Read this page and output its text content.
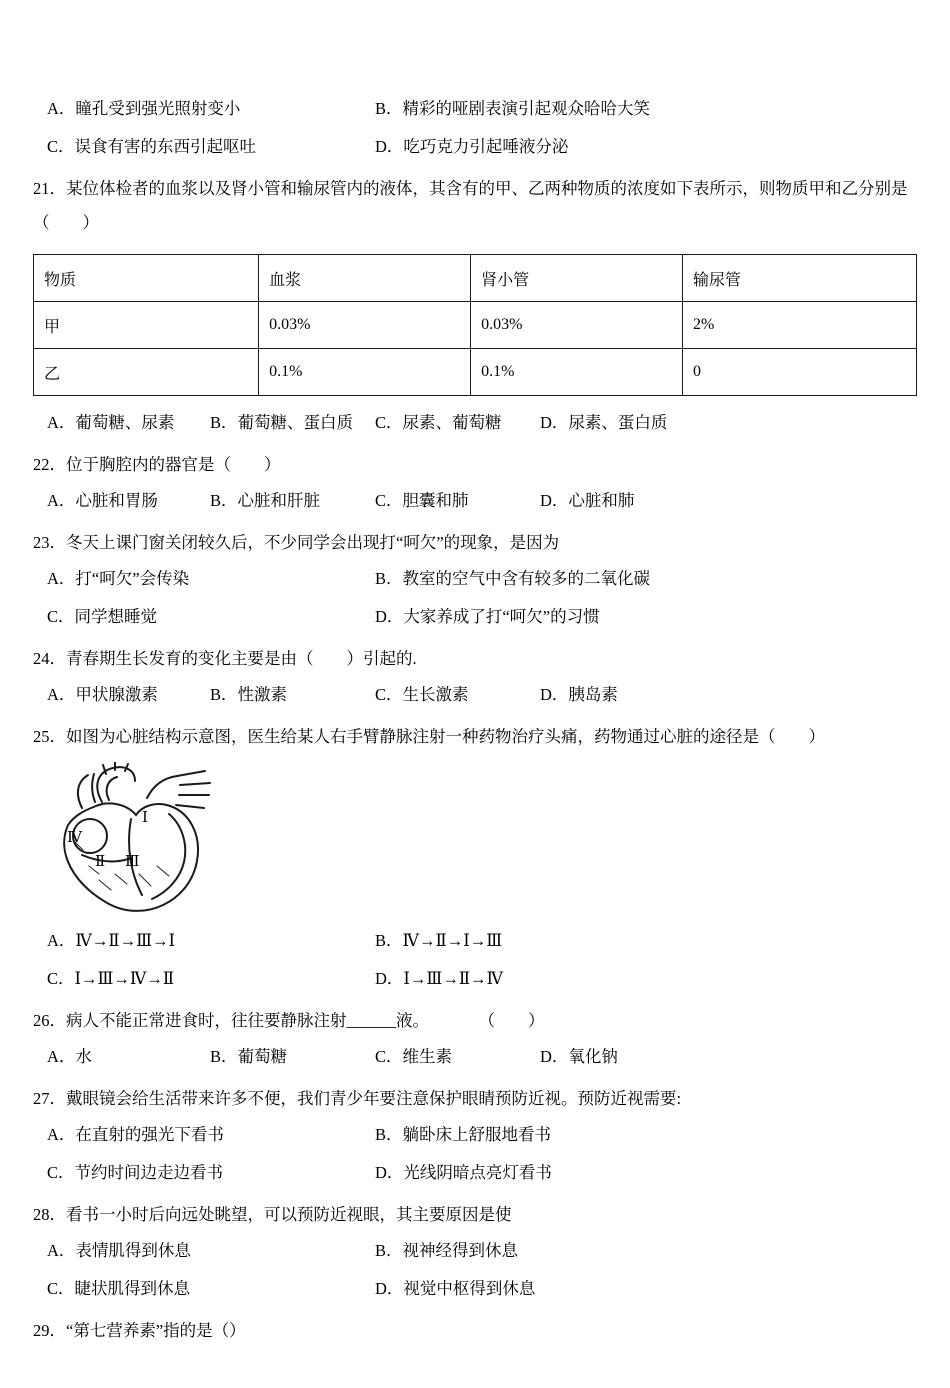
A．瞳孔受到强光照射变小	B．精彩的哑剧表演引起观众哈哈大笑
C．误食有害的东西引起呕吐	D．吃巧克力引起唾液分泌

21．某位体检者的血浆以及肾小管和输尿管内的液体，其含有的甲、乙两种物质的浓度如下表所示，则物质甲和乙分别是（　　）

物质	血浆	肾小管	输尿管
甲	0.03%	0.03%	2%
乙	0.1%	0.1%	0
A．葡萄糖、尿素	B．葡萄糖、蛋白质	C．尿素、葡萄糖	D．尿素、蛋白质

22．位于胸腔内的器官是（　　）

A．心脏和胃肠	B．心脏和肝脏	C．胆囊和肺	D．心脏和肺

23．冬天上课门窗关闭较久后，不少同学会出现打“呵欠”的现象，是因为

A．打“呵欠”会传染	B．教室的空气中含有较多的二氧化碳
C．同学想睡觉	D．大家养成了打“呵欠”的习惯

24．青春期生长发育的变化主要是由（　　）引起的.

A．甲状腺激素	B．性激素	C．生长激素	D．胰岛素

25．如图为心脏结构示意图，医生给某人右手臂静脉注射一种药物治疗头痛，药物通过心脏的途径是（　　）

Ⅳ
Ⅰ
Ⅱ Ⅲ
A．Ⅳ→Ⅱ→Ⅲ→Ⅰ	B．Ⅳ→Ⅱ→Ⅰ→Ⅲ
C．Ⅰ→Ⅲ→Ⅳ→Ⅱ	D．Ⅰ→Ⅲ→Ⅱ→Ⅳ

26．病人不能正常进食时，往往要静脉注射______液。　　　　（　　）

A．水	B．葡萄糖	C．维生素	D．氧化钠

27．戴眼镜会给生活带来许多不便，我们青少年要注意保护眼睛预防近视。预防近视需要:

A．在直射的强光下看书	B．躺卧床上舒服地看书
C．节约时间边走边看书	D．光线阴暗点亮灯看书

28．看书一小时后向远处眺望，可以预防近视眼，其主要原因是使

A．表情肌得到休息	B．视神经得到休息
C．睫状肌得到休息	D．视觉中枢得到休息

29．“第七营养素”指的是（）
